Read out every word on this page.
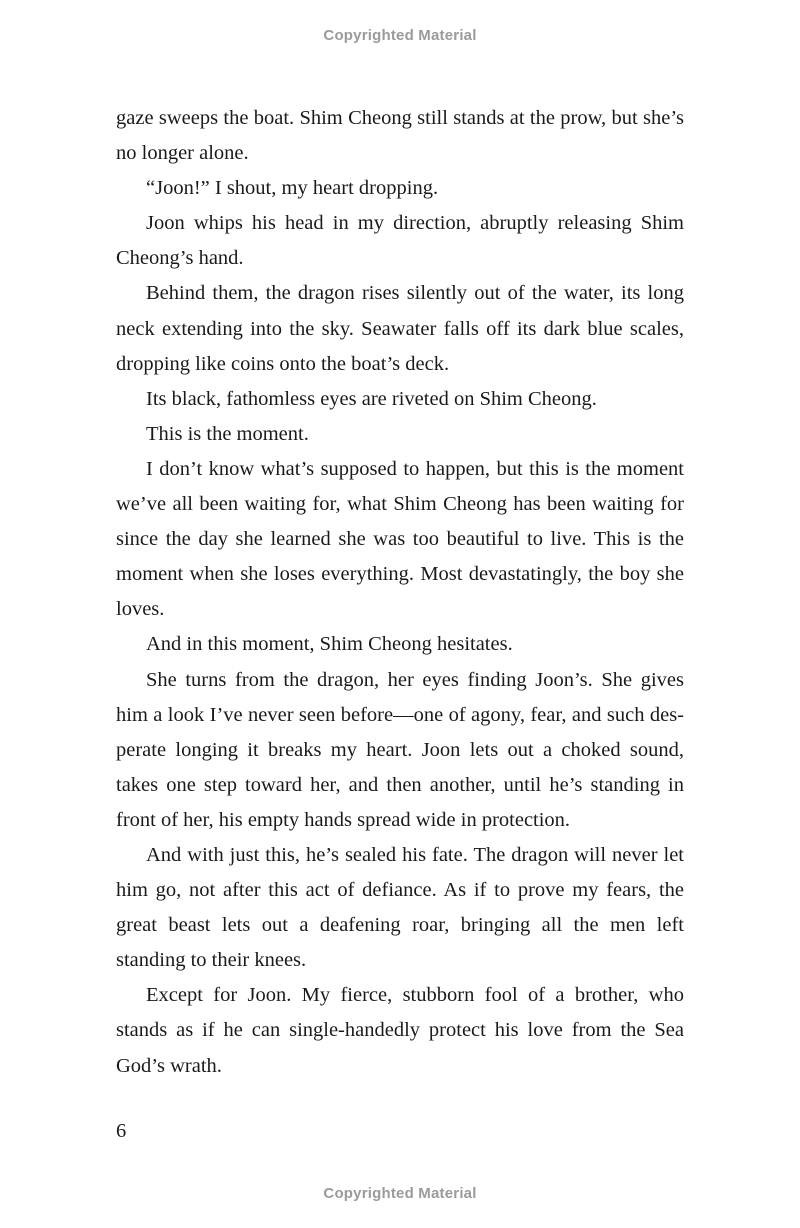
Copyrighted Material

gaze sweeps the boat. Shim Cheong still stands at the prow, but she’s no longer alone.

“Joon!” I shout, my heart dropping.

Joon whips his head in my direction, abruptly releasing Shim Cheong’s hand.

Behind them, the dragon rises silently out of the water, its long neck extending into the sky. Seawater falls off its dark blue scales, dropping like coins onto the boat’s deck.

Its black, fathomless eyes are riveted on Shim Cheong.

This is the moment.

I don’t know what’s supposed to happen, but this is the moment we’ve all been waiting for, what Shim Cheong has been waiting for since the day she learned she was too beautiful to live. This is the moment when she loses everything. Most devastatingly, the boy she loves.

And in this moment, Shim Cheong hesitates.

She turns from the dragon, her eyes finding Joon’s. She gives him a look I’ve never seen before—one of agony, fear, and such desperate longing it breaks my heart. Joon lets out a choked sound, takes one step toward her, and then another, until he’s standing in front of her, his empty hands spread wide in protection.

And with just this, he’s sealed his fate. The dragon will never let him go, not after this act of defiance. As if to prove my fears, the great beast lets out a deafening roar, bringing all the men left standing to their knees.

Except for Joon. My fierce, stubborn fool of a brother, who stands as if he can single-handedly protect his love from the Sea God’s wrath.

6
Copyrighted Material
